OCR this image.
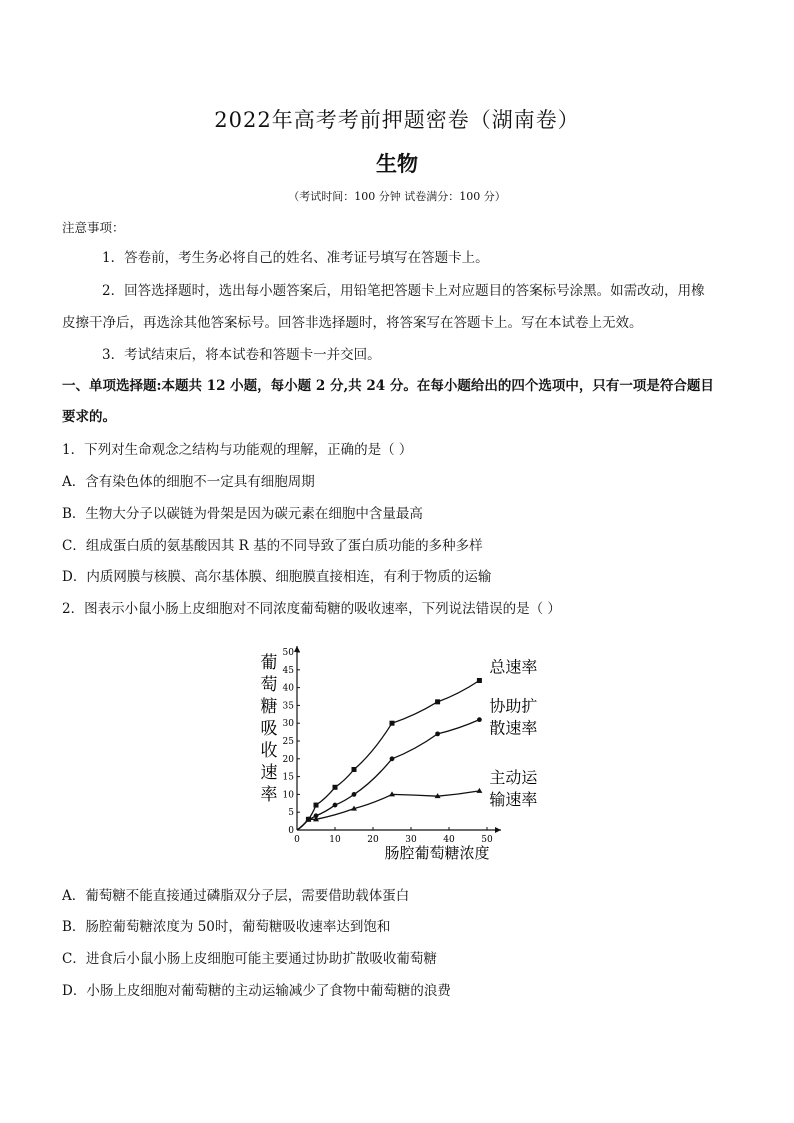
2022年高考考前押题密卷（湖南卷）
生物
（考试时间：100 分钟 试卷满分：100 分）
注意事项：
1．答卷前，考生务必将自己的姓名、准考证号填写在答题卡上。
2．回答选择题时，选出每小题答案后，用铅笔把答题卡上对应题目的答案标号涂黑。如需改动，用橡
皮擦干净后，再选涂其他答案标号。回答非选择题时，将答案写在答题卡上。写在本试卷上无效。
3．考试结束后，将本试卷和答题卡一并交回。
一、单项选择题:本题共 12 小题，每小题 2 分,共 24 分。在每小题给出的四个选项中，只有一项是符合题目
要求的。
1．下列对生命观念之结构与功能观的理解，正确的是（ ）
A．含有染色体的细胞不一定具有细胞周期
B．生物大分子以碳链为骨架是因为碳元素在细胞中含量最高
C．组成蛋白质的氨基酸因其 R 基的不同导致了蛋白质功能的多种多样
D．内质网膜与核膜、高尔基体膜、细胞膜直接相连，有利于物质的运输
2．图表示小鼠小肠上皮细胞对不同浓度葡萄糖的吸收速率，下列说法错误的是（ ）
0
5
10
15
20
25
30
35
40
45
50
0	10	20	30	40	50
肠腔葡萄糖浓度
葡
萄
糖
吸
收
速
率
总速率
协助扩
散速率
主动运
输速率
A．葡萄糖不能直接通过磷脂双分子层，需要借助载体蛋白
B．肠腔葡萄糖浓度为 50时，葡萄糖吸收速率达到饱和
C．进食后小鼠小肠上皮细胞可能主要通过协助扩散吸收葡萄糖
D．小肠上皮细胞对葡萄糖的主动运输减少了食物中葡萄糖的浪费
